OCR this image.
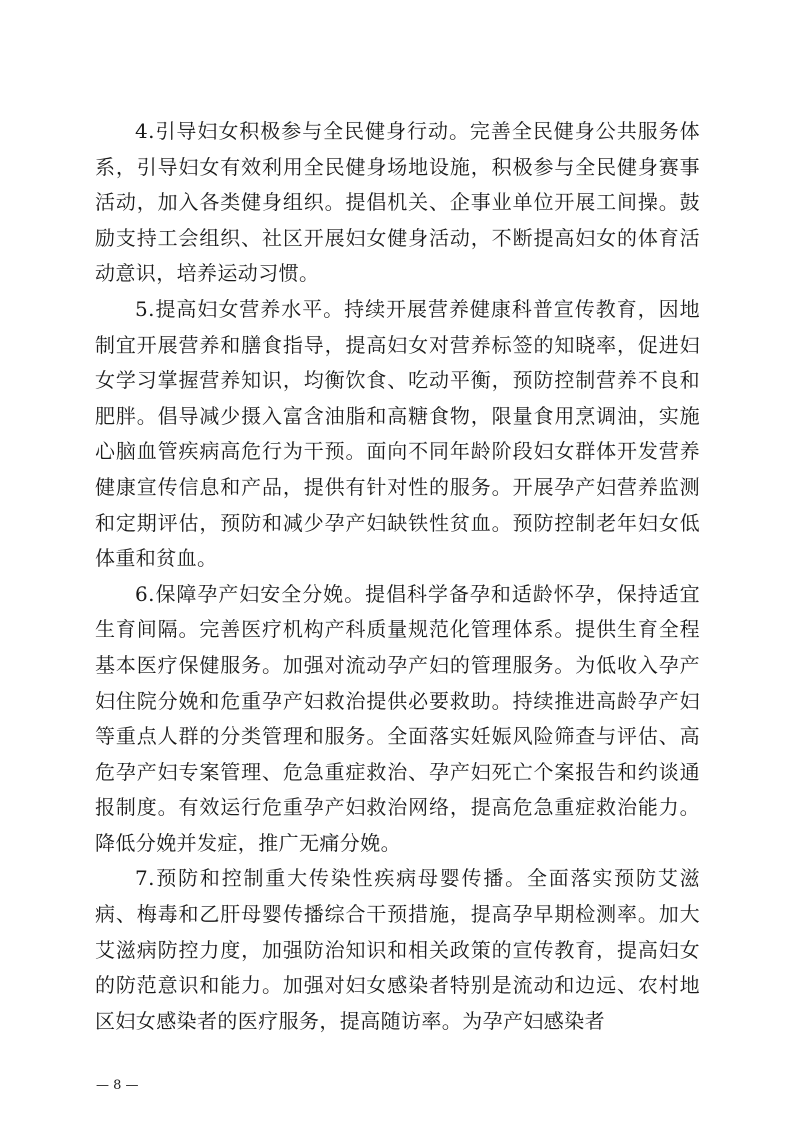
4.引导妇女积极参与全民健身行动。完善全民健身公共服务体系，引导妇女有效利用全民健身场地设施，积极参与全民健身赛事活动，加入各类健身组织。提倡机关、企事业单位开展工间操。鼓励支持工会组织、社区开展妇女健身活动，不断提高妇女的体育活动意识，培养运动习惯。

5.提高妇女营养水平。持续开展营养健康科普宣传教育，因地制宜开展营养和膳食指导，提高妇女对营养标签的知晓率，促进妇女学习掌握营养知识，均衡饮食、吃动平衡，预防控制营养不良和肥胖。倡导减少摄入富含油脂和高糖食物，限量食用烹调油，实施心脑血管疾病高危行为干预。面向不同年龄阶段妇女群体开发营养健康宣传信息和产品，提供有针对性的服务。开展孕产妇营养监测和定期评估，预防和减少孕产妇缺铁性贫血。预防控制老年妇女低体重和贫血。

6.保障孕产妇安全分娩。提倡科学备孕和适龄怀孕，保持适宜生育间隔。完善医疗机构产科质量规范化管理体系。提供生育全程基本医疗保健服务。加强对流动孕产妇的管理服务。为低收入孕产妇住院分娩和危重孕产妇救治提供必要救助。持续推进高龄孕产妇等重点人群的分类管理和服务。全面落实妊娠风险筛查与评估、高危孕产妇专案管理、危急重症救治、孕产妇死亡个案报告和约谈通报制度。有效运行危重孕产妇救治网络，提高危急重症救治能力。降低分娩并发症，推广无痛分娩。

7.预防和控制重大传染性疾病母婴传播。全面落实预防艾滋病、梅毒和乙肝母婴传播综合干预措施，提高孕早期检测率。加大艾滋病防控力度，加强防治知识和相关政策的宣传教育，提高妇女的防范意识和能力。加强对妇女感染者特别是流动和边远、农村地区妇女感染者的医疗服务，提高随访率。为孕产妇感染者

— 8 —
